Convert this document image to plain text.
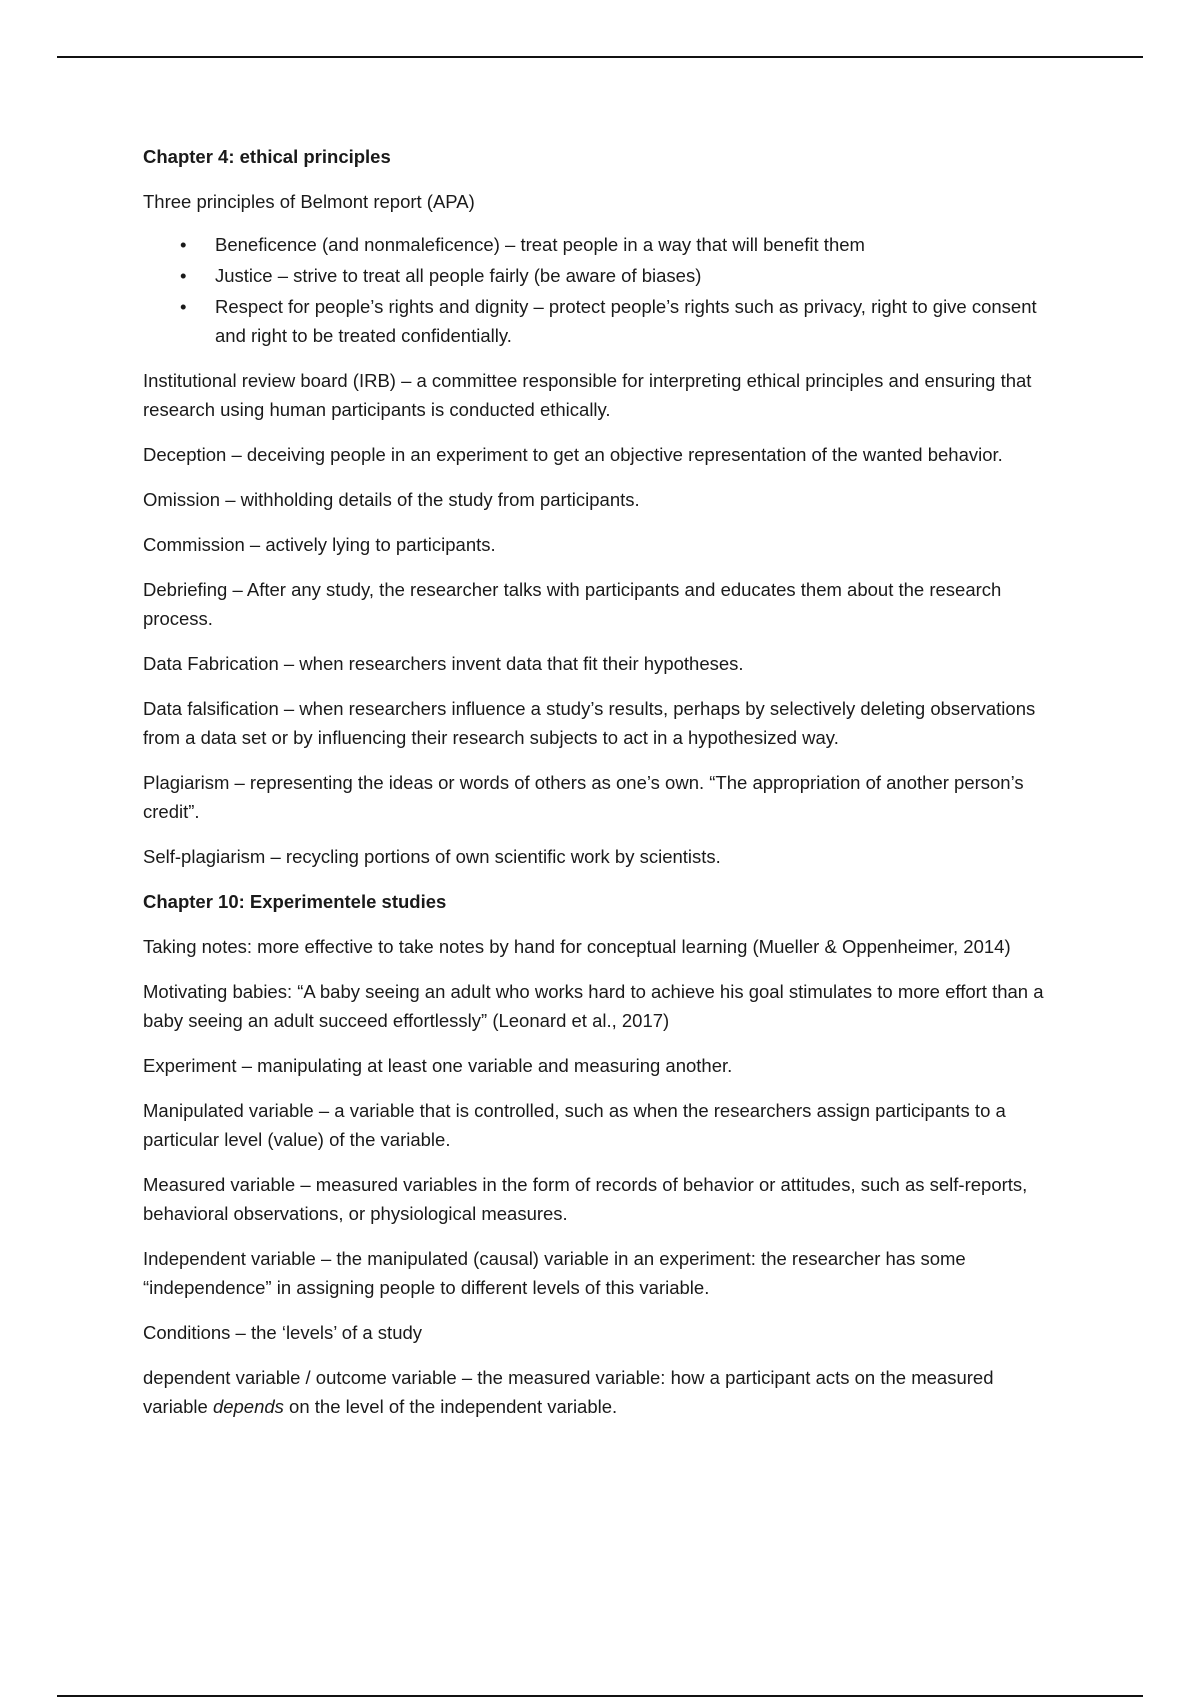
Chapter 4: ethical principles

Three principles of Belmont report (APA)

• Beneficence (and nonmaleficence) – treat people in a way that will benefit them
• Justice – strive to treat all people fairly (be aware of biases)
• Respect for people’s rights and dignity – protect people’s rights such as privacy, right to give consent and right to be treated confidentially.

Institutional review board (IRB) – a committee responsible for interpreting ethical principles and ensuring that research using human participants is conducted ethically.

Deception – deceiving people in an experiment to get an objective representation of the wanted behavior.

Omission – withholding details of the study from participants.

Commission – actively lying to participants.

Debriefing – After any study, the researcher talks with participants and educates them about the research process.

Data Fabrication – when researchers invent data that fit their hypotheses.

Data falsification – when researchers influence a study’s results, perhaps by selectively deleting observations from a data set or by influencing their research subjects to act in a hypothesized way.

Plagiarism – representing the ideas or words of others as one’s own. “The appropriation of another person’s credit”.

Self-plagiarism – recycling portions of own scientific work by scientists.

Chapter 10: Experimentele studies

Taking notes: more effective to take notes by hand for conceptual learning (Mueller & Oppenheimer, 2014)

Motivating babies: “A baby seeing an adult who works hard to achieve his goal stimulates to more effort than a baby seeing an adult succeed effortlessly” (Leonard et al., 2017)

Experiment – manipulating at least one variable and measuring another.

Manipulated variable – a variable that is controlled, such as when the researchers assign participants to a particular level (value) of the variable.

Measured variable – measured variables in the form of records of behavior or attitudes, such as self-reports, behavioral observations, or physiological measures.

Independent variable – the manipulated (causal) variable in an experiment: the researcher has some “independence” in assigning people to different levels of this variable.

Conditions – the ‘levels’ of a study

dependent variable / outcome variable – the measured variable: how a participant acts on the measured variable depends on the level of the independent variable.
